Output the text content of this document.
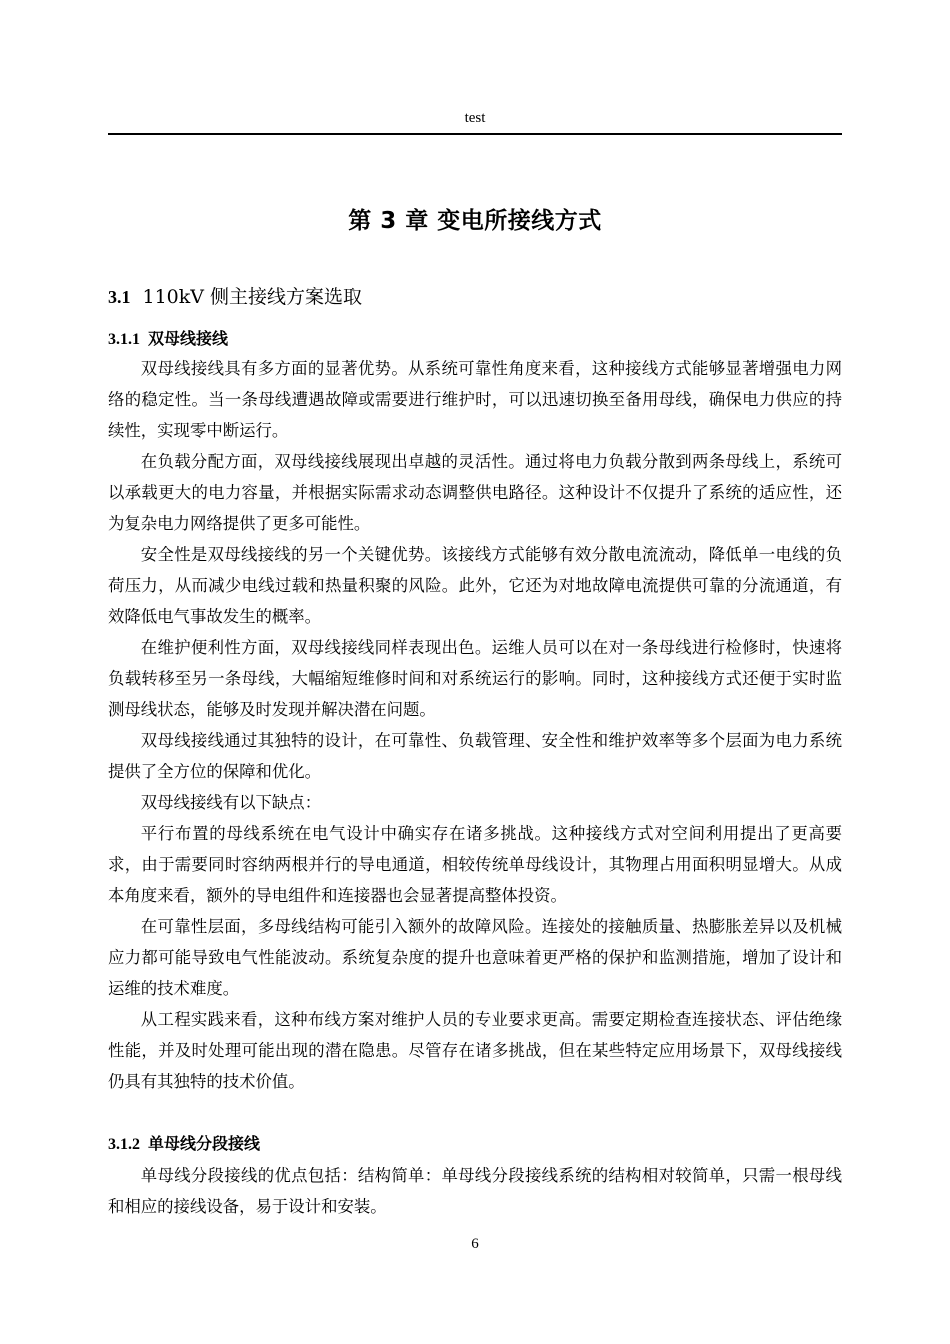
test
第 3 章 变电所接线方式
3.1 110kV 侧主接线方案选取
3.1.1 双母线接线

双母线接线具有多方面的显著优势。从系统可靠性角度来看，这种接线方式能够显著增强电力网络的稳定性。当一条母线遭遇故障或需要进行维护时，可以迅速切换至备用母线，确保电力供应的持续性，实现零中断运行。

在负载分配方面，双母线接线展现出卓越的灵活性。通过将电力负载分散到两条母线上，系统可以承载更大的电力容量，并根据实际需求动态调整供电路径。这种设计不仅提升了系统的适应性，还为复杂电力网络提供了更多可能性。

安全性是双母线接线的另一个关键优势。该接线方式能够有效分散电流流动，降低单一电线的负荷压力，从而减少电线过载和热量积聚的风险。此外，它还为对地故障电流提供可靠的分流通道，有效降低电气事故发生的概率。

在维护便利性方面，双母线接线同样表现出色。运维人员可以在对一条母线进行检修时，快速将负载转移至另一条母线，大幅缩短维修时间和对系统运行的影响。同时，这种接线方式还便于实时监测母线状态，能够及时发现并解决潜在问题。

双母线接线通过其独特的设计，在可靠性、负载管理、安全性和维护效率等多个层面为电力系统提供了全方位的保障和优化。

双母线接线有以下缺点：

平行布置的母线系统在电气设计中确实存在诸多挑战。这种接线方式对空间利用提出了更高要求，由于需要同时容纳两根并行的导电通道，相较传统单母线设计，其物理占用面积明显增大。从成本角度来看，额外的导电组件和连接器也会显著提高整体投资。

在可靠性层面，多母线结构可能引入额外的故障风险。连接处的接触质量、热膨胀差异以及机械应力都可能导致电气性能波动。系统复杂度的提升也意味着更严格的保护和监测措施，增加了设计和运维的技术难度。

从工程实践来看，这种布线方案对维护人员的专业要求更高。需要定期检查连接状态、评估绝缘性能，并及时处理可能出现的潜在隐患。尽管存在诸多挑战，但在某些特定应用场景下，双母线接线仍具有其独特的技术价值。

3.1.2 单母线分段接线

单母线分段接线的优点包括：结构简单：单母线分段接线系统的结构相对较简单，只需一根母线和相应的接线设备，易于设计和安装。

6
